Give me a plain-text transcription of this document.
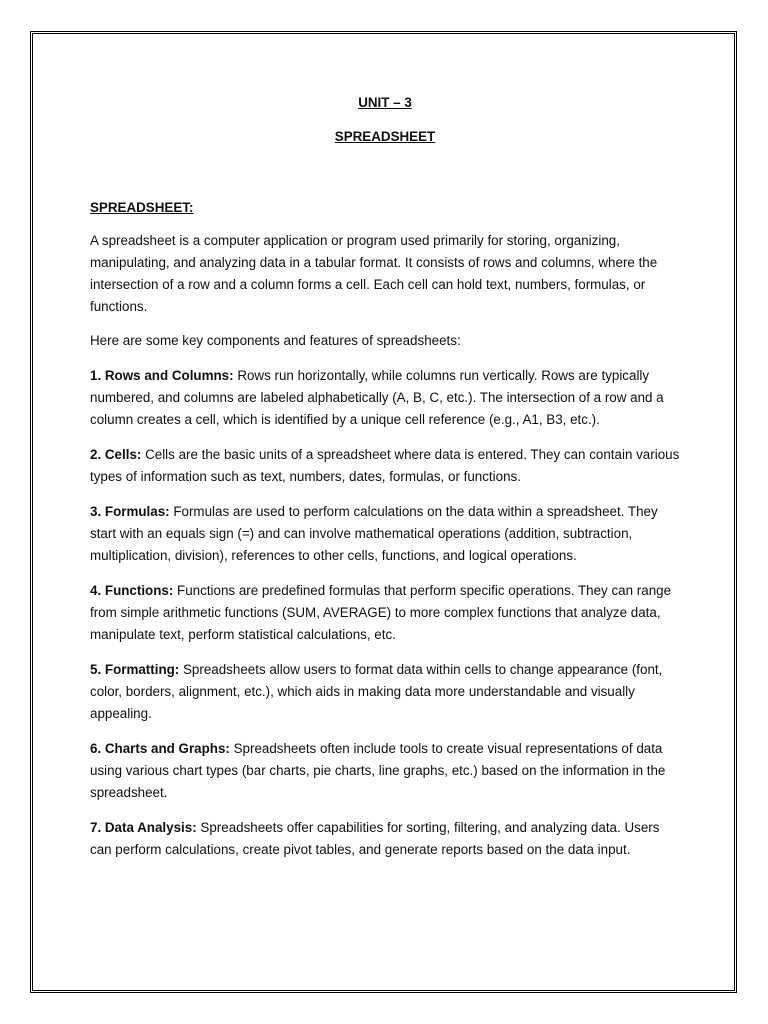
UNIT – 3

SPREADSHEET

SPREADSHEET:

A spreadsheet is a computer application or program used primarily for storing, organizing, manipulating, and analyzing data in a tabular format. It consists of rows and columns, where the intersection of a row and a column forms a cell. Each cell can hold text, numbers, formulas, or functions.

Here are some key components and features of spreadsheets:

1. Rows and Columns: Rows run horizontally, while columns run vertically. Rows are typically numbered, and columns are labeled alphabetically (A, B, C, etc.). The intersection of a row and a column creates a cell, which is identified by a unique cell reference (e.g., A1, B3, etc.).

2. Cells: Cells are the basic units of a spreadsheet where data is entered. They can contain various types of information such as text, numbers, dates, formulas, or functions.

3. Formulas: Formulas are used to perform calculations on the data within a spreadsheet. They start with an equals sign (=) and can involve mathematical operations (addition, subtraction, multiplication, division), references to other cells, functions, and logical operations.

4. Functions: Functions are predefined formulas that perform specific operations. They can range from simple arithmetic functions (SUM, AVERAGE) to more complex functions that analyze data, manipulate text, perform statistical calculations, etc.

5. Formatting: Spreadsheets allow users to format data within cells to change appearance (font, color, borders, alignment, etc.), which aids in making data more understandable and visually appealing.

6. Charts and Graphs: Spreadsheets often include tools to create visual representations of data using various chart types (bar charts, pie charts, line graphs, etc.) based on the information in the spreadsheet.

7. Data Analysis: Spreadsheets offer capabilities for sorting, filtering, and analyzing data. Users can perform calculations, create pivot tables, and generate reports based on the data input.
